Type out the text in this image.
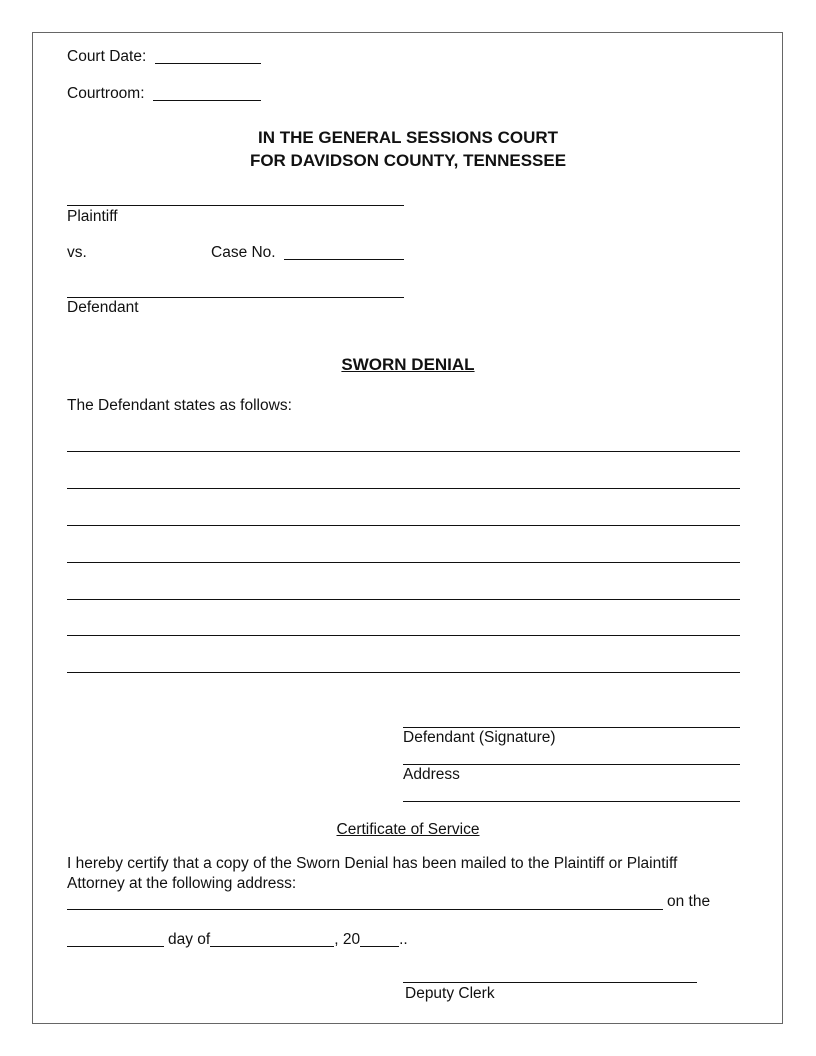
Court Date:
Courtroom:
IN THE GENERAL SESSIONS COURT
FOR DAVIDSON COUNTY, TENNESSEE
Plaintiff
vs.	Case No.
Defendant
SWORN DENIAL
The Defendant states as follows:
Defendant (Signature)
Address
Certificate of Service
I hereby certify that a copy of the Sworn Denial has been mailed to the Plaintiff or Plaintiff
Attorney at the following address:
on the
day of	, 20	..
Deputy Clerk
